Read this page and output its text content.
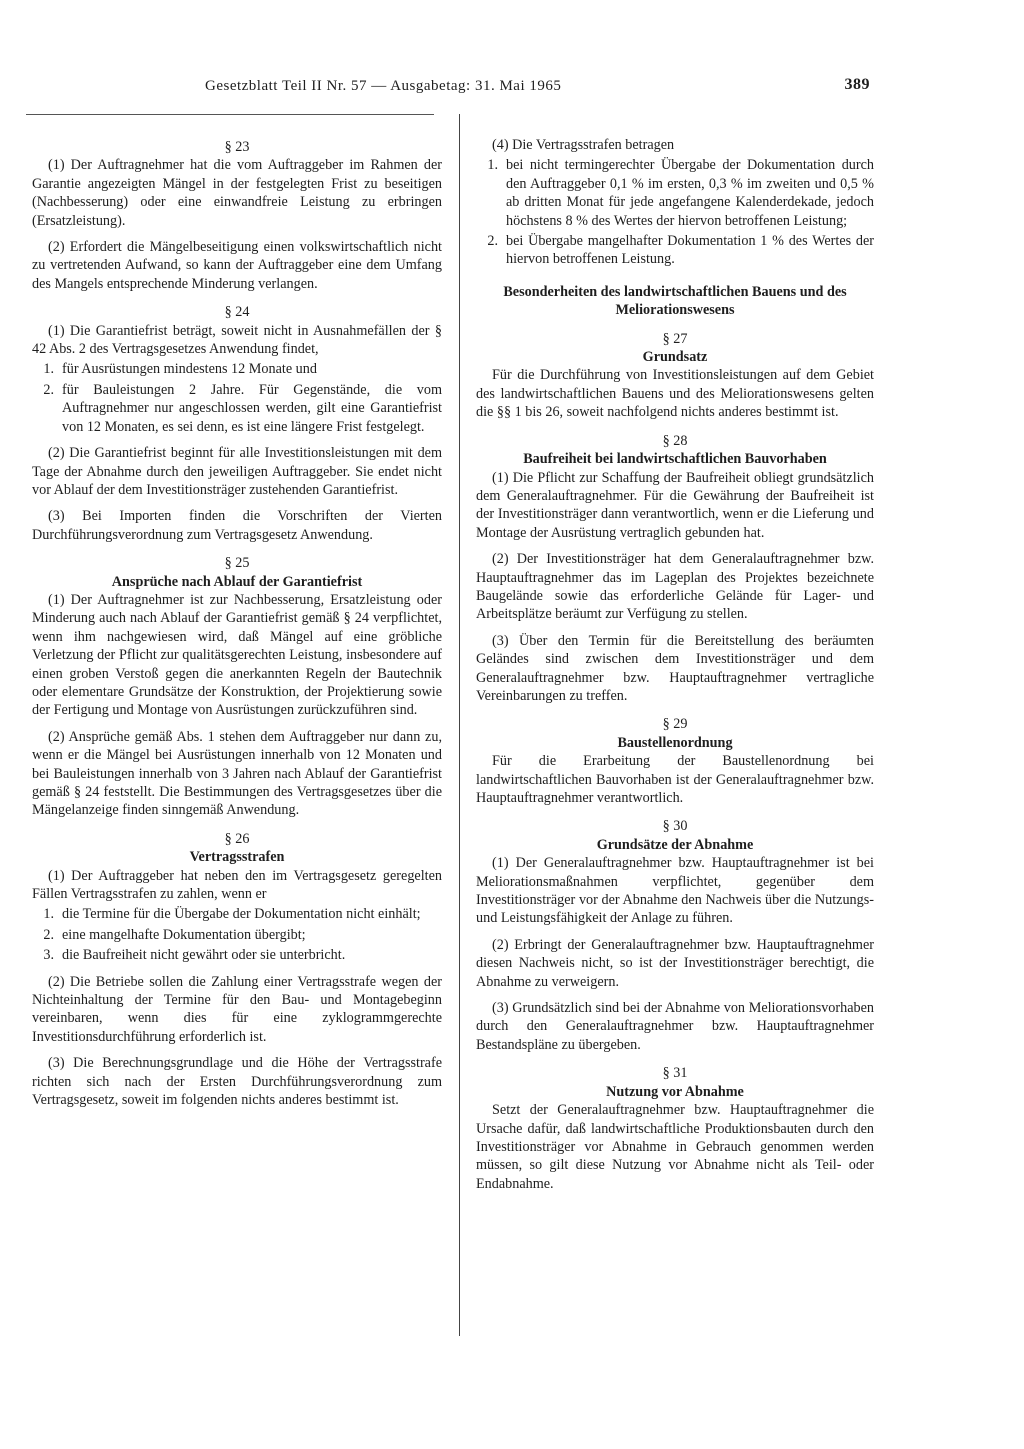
Gesetzblatt Teil II Nr. 57 — Ausgabetag: 31. Mai 1965	389
§ 23

(1) Der Auftragnehmer hat die vom Auftraggeber im Rahmen der Garantie angezeigten Mängel in der festgelegten Frist zu beseitigen (Nachbesserung) oder eine einwandfreie Leistung zu erbringen (Ersatzleistung).

(2) Erfordert die Mängelbeseitigung einen volkswirtschaftlich nicht zu vertretenden Aufwand, so kann der Auftraggeber eine dem Umfang des Mangels entsprechende Minderung verlangen.

§ 24

(1) Die Garantiefrist beträgt, soweit nicht in Ausnahmefällen der § 42 Abs. 2 des Vertragsgesetzes Anwendung findet,

1. für Ausrüstungen mindestens 12 Monate und
2. für Bauleistungen 2 Jahre. Für Gegenstände, die vom Auftragnehmer nur angeschlossen werden, gilt eine Garantiefrist von 12 Monaten, es sei denn, es ist eine längere Frist festgelegt.

(2) Die Garantiefrist beginnt für alle Investitionsleistungen mit dem Tage der Abnahme durch den jeweiligen Auftraggeber. Sie endet nicht vor Ablauf der dem Investitionsträger zustehenden Garantiefrist.

(3) Bei Importen finden die Vorschriften der Vierten Durchführungsverordnung zum Vertragsgesetz Anwendung.

§ 25
Ansprüche nach Ablauf der Garantiefrist

(1) Der Auftragnehmer ist zur Nachbesserung, Ersatzleistung oder Minderung auch nach Ablauf der Garantiefrist gemäß § 24 verpflichtet, wenn ihm nachgewiesen wird, daß Mängel auf eine gröbliche Verletzung der Pflicht zur qualitätsgerechten Leistung, insbesondere auf einen groben Verstoß gegen die anerkannten Regeln der Bautechnik oder elementare Grundsätze der Konstruktion, der Projektierung sowie der Fertigung und Montage von Ausrüstungen zurückzuführen sind.

(2) Ansprüche gemäß Abs. 1 stehen dem Auftraggeber nur dann zu, wenn er die Mängel bei Ausrüstungen innerhalb von 12 Monaten und bei Bauleistungen innerhalb von 3 Jahren nach Ablauf der Garantiefrist gemäß § 24 feststellt. Die Bestimmungen des Vertragsgesetzes über die Mängelanzeige finden sinngemäß Anwendung.

§ 26
Vertragsstrafen

(1) Der Auftraggeber hat neben den im Vertragsgesetz geregelten Fällen Vertragsstrafen zu zahlen, wenn er

1. die Termine für die Übergabe der Dokumentation nicht einhält;
2. eine mangelhafte Dokumentation übergibt;
3. die Baufreiheit nicht gewährt oder sie unterbricht.

(2) Die Betriebe sollen die Zahlung einer Vertragsstrafe wegen der Nichteinhaltung der Termine für den Bau- und Montagebeginn vereinbaren, wenn dies für eine zyklogrammgerechte Investitionsdurchführung erforderlich ist.

(3) Die Berechnungsgrundlage und die Höhe der Vertragsstrafe richten sich nach der Ersten Durchführungsverordnung zum Vertragsgesetz, soweit im folgenden nichts anderes bestimmt ist.

(4) Die Vertragsstrafen betragen

1. bei nicht termingerechter Übergabe der Dokumentation durch den Auftraggeber 0,1 % im ersten, 0,3 % im zweiten und 0,5 % ab dritten Monat für jede angefangene Kalenderdekade, jedoch höchstens 8 % des Wertes der hiervon betroffenen Leistung;
2. bei Übergabe mangelhafter Dokumentation 1 % des Wertes der hiervon betroffenen Leistung.
Besonderheiten des landwirtschaftlichen Bauens und des Meliorationswesens
§ 27
Grundsatz

Für die Durchführung von Investitionsleistungen auf dem Gebiet des landwirtschaftlichen Bauens und des Meliorationswesens gelten die §§ 1 bis 26, soweit nachfolgend nichts anderes bestimmt ist.

§ 28
Baufreiheit bei landwirtschaftlichen Bauvorhaben

(1) Die Pflicht zur Schaffung der Baufreiheit obliegt grundsätzlich dem Generalauftragnehmer. Für die Gewährung der Baufreiheit ist der Investitionsträger dann verantwortlich, wenn er die Lieferung und Montage der Ausrüstung vertraglich gebunden hat.

(2) Der Investitionsträger hat dem Generalauftragnehmer bzw. Hauptauftragnehmer das im Lageplan des Projektes bezeichnete Baugelände sowie das erforderliche Gelände für Lager- und Arbeitsplätze beräumt zur Verfügung zu stellen.

(3) Über den Termin für die Bereitstellung des beräumten Geländes sind zwischen dem Investitionsträger und dem Generalauftragnehmer bzw. Hauptauftragnehmer vertragliche Vereinbarungen zu treffen.

§ 29
Baustellenordnung

Für die Erarbeitung der Baustellenordnung bei landwirtschaftlichen Bauvorhaben ist der Generalauftragnehmer bzw. Hauptauftragnehmer verantwortlich.

§ 30
Grundsätze der Abnahme

(1) Der Generalauftragnehmer bzw. Hauptauftragnehmer ist bei Meliorationsmaßnahmen verpflichtet, gegenüber dem Investitionsträger vor der Abnahme den Nachweis über die Nutzungs- und Leistungsfähigkeit der Anlage zu führen.

(2) Erbringt der Generalauftragnehmer bzw. Hauptauftragnehmer diesen Nachweis nicht, so ist der Investitionsträger berechtigt, die Abnahme zu verweigern.

(3) Grundsätzlich sind bei der Abnahme von Meliorationsvorhaben durch den Generalauftragnehmer bzw. Hauptauftragnehmer Bestandspläne zu übergeben.

§ 31
Nutzung vor Abnahme

Setzt der Generalauftragnehmer bzw. Hauptauftragnehmer die Ursache dafür, daß landwirtschaftliche Produktionsbauten durch den Investitionsträger vor Abnahme in Gebrauch genommen werden müssen, so gilt diese Nutzung vor Abnahme nicht als Teil- oder Endabnahme.
